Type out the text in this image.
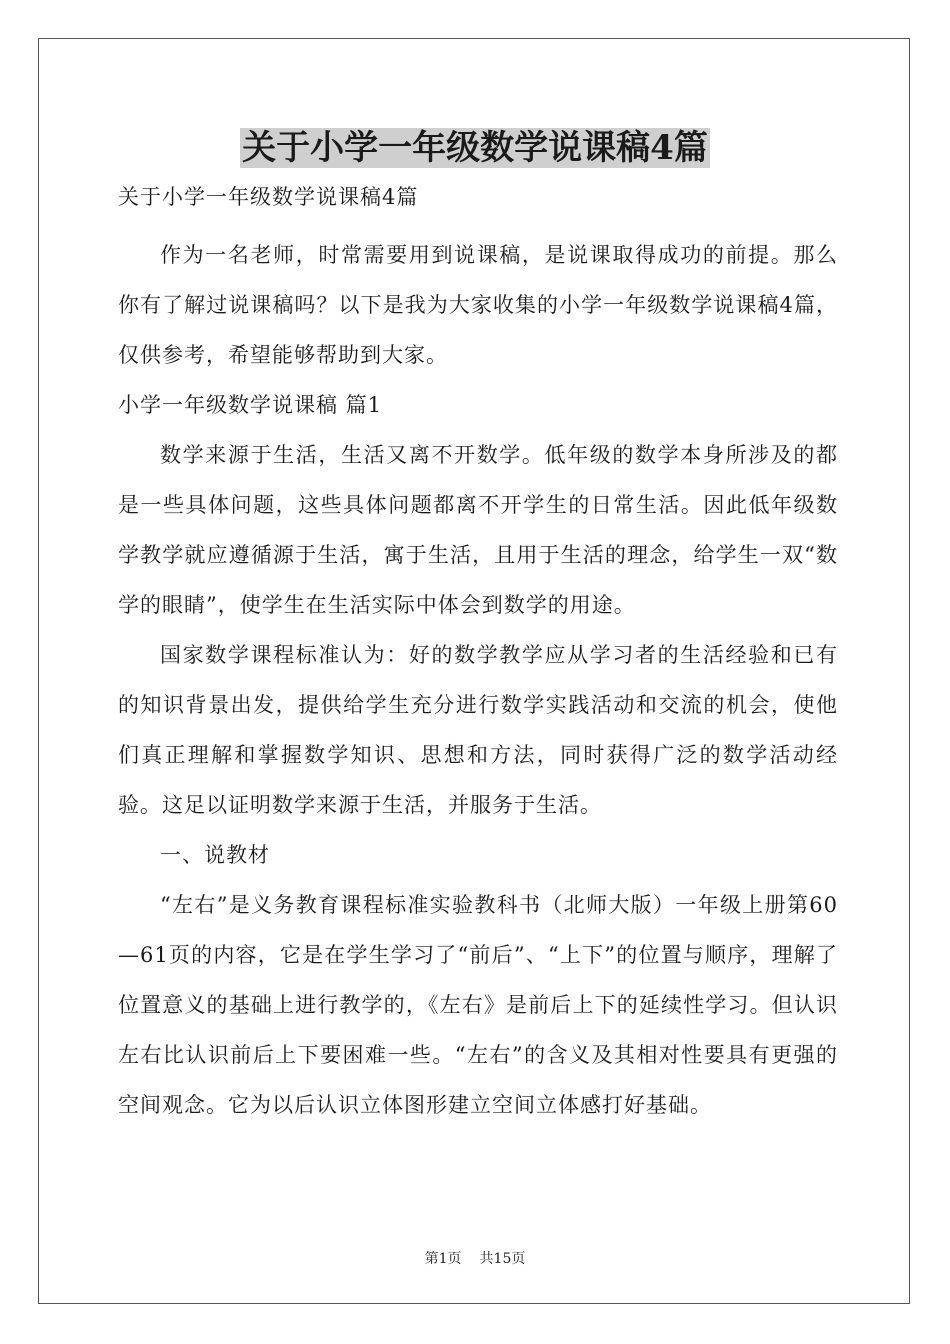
关于小学一年级数学说课稿4篇
关于小学一年级数学说课稿4篇
作为一名老师，时常需要用到说课稿，是说课取得成功的前提。那么你有了解过说课稿吗？以下是我为大家收集的小学一年级数学说课稿4篇，仅供参考，希望能够帮助到大家。
小学一年级数学说课稿 篇1
数学来源于生活，生活又离不开数学。低年级的数学本身所涉及的都是一些具体问题，这些具体问题都离不开学生的日常生活。因此低年级数学教学就应遵循源于生活，寓于生活，且用于生活的理念，给学生一双“数学的眼睛”，使学生在生活实际中体会到数学的用途。
国家数学课程标准认为：好的数学教学应从学习者的生活经验和已有的知识背景出发，提供给学生充分进行数学实践活动和交流的机会，使他们真正理解和掌握数学知识、思想和方法，同时获得广泛的数学活动经验。这足以证明数学来源于生活，并服务于生活。
一、说教材
“左右”是义务教育课程标准实验教科书（北师大版）一年级上册第60—61页的内容，它是在学生学习了“前后”、“上下”的位置与顺序，理解了位置意义的基础上进行教学的，《左右》是前后上下的延续性学习。但认识左右比认识前后上下要困难一些。“左右”的含义及其相对性要具有更强的空间观念。它为以后认识立体图形建立空间立体感打好基础。
第1页 共15页
